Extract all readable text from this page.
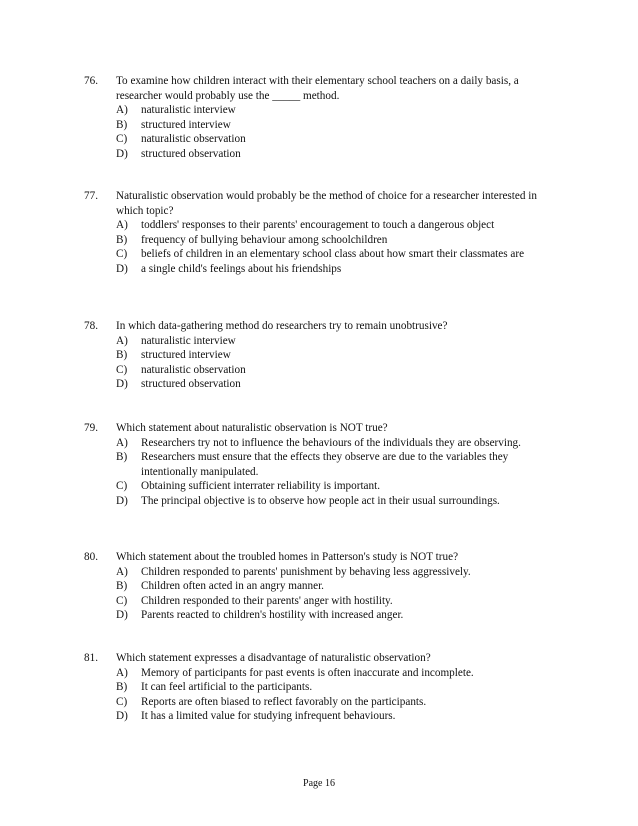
76.	To examine how children interact with their elementary school teachers on a daily basis, a researcher would probably use the _____ method.
A)	naturalistic interview
B)	structured interview
C)	naturalistic observation
D)	structured observation
77.	Naturalistic observation would probably be the method of choice for a researcher interested in which topic?
A)	toddlers' responses to their parents' encouragement to touch a dangerous object
B)	frequency of bullying behaviour among schoolchildren
C)	beliefs of children in an elementary school class about how smart their classmates are
D)	a single child's feelings about his friendships
78.	In which data-gathering method do researchers try to remain unobtrusive?
A)	naturalistic interview
B)	structured interview
C)	naturalistic observation
D)	structured observation
79.	Which statement about naturalistic observation is NOT true?
A)	Researchers try not to influence the behaviours of the individuals they are observing.
B)	Researchers must ensure that the effects they observe are due to the variables they intentionally manipulated.
C)	Obtaining sufficient interrater reliability is important.
D)	The principal objective is to observe how people act in their usual surroundings.
80.	Which statement about the troubled homes in Patterson's study is NOT true?
A)	Children responded to parents' punishment by behaving less aggressively.
B)	Children often acted in an angry manner.
C)	Children responded to their parents' anger with hostility.
D)	Parents reacted to children's hostility with increased anger.
81.	Which statement expresses a disadvantage of naturalistic observation?
A)	Memory of participants for past events is often inaccurate and incomplete.
B)	It can feel artificial to the participants.
C)	Reports are often biased to reflect favorably on the participants.
D)	It has a limited value for studying infrequent behaviours.
Page 16
